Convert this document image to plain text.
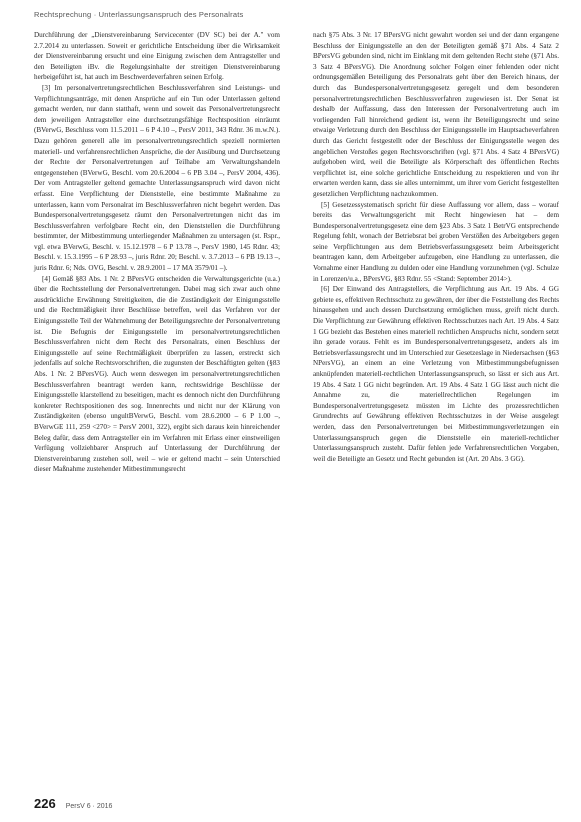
Rechtsprechung · Unterlassungsanspruch des Personalrats

Durchführung der „Dienstvereinbarung Servicecenter (DV SC) bei der A." vom 2.7.2014 zu unterlassen. Soweit er gerichtliche Entscheidung über die Wirksamkeit der Dienstvereinbarung ersucht und eine Einigung zwischen dem Antragsteller und den Beteiligten iBv. die Regelungsinhalte der streitigen Dienstvereinbarung herbeigeführt ist, hat auch im Beschwerdeverfahren seinen Erfolg.

[3] Im personalvertretungsrechtlichen Beschlussverfahren sind Leistungs- und Verpflichtungsanträge, mit denen Ansprüche auf ein Tun oder Unterlassen geltend gemacht werden, nur dann statthaft, wenn und soweit das Personalvertretungsrecht dem jeweiligen Antragsteller eine durchsetzungsfähige Rechtsposition einräumt (BVerwG, Beschluss vom 11.5.2011 – 6 P 4.10 –, PersV 2011, 343 Rdnr. 36 m.w.N.). Dazu gehören generell alle im personalvertretungsrechtlich speziell normierten materiell- und verfahrensrechtlichen Ansprüche, die der Ausübung und Durchsetzung der Rechte der Personalvertretungen auf Teilhabe am Verwaltungshandeln entgegenstehen (BVerwG, Beschl. vom 20.6.2004 – 6 PB 3.04 –, PersV 2004, 436). Der vom Antragsteller geltend gemachte Unterlassungsanspruch wird davon nicht erfasst. Eine Verpflichtung der Dienststelle, eine bestimmte Maßnahme zu unterlassen, kann vom Personalrat im Beschlussverfahren nicht begehrt werden. Das Bundespersonalvertretungsgesetz räumt den Personalvertretungen nicht das im Beschlussverfahren verfolgbare Recht ein, den Dienststellen die Durchführung bestimmter, der Mitbestimmung unterliegender Maßnahmen zu untersagen (st. Rspr., vgl. etwa BVerwG, Beschl. v. 15.12.1978 – 6 P 13.78 –, PersV 1980, 145 Rdnr. 43; Beschl. v. 15.3.1995 – 6 P 28.93 –, juris Rdnr. 20; Beschl. v. 3.7.2013 – 6 PB 19.13 –, juris Rdnr. 6; Nds. OVG, Beschl. v. 28.9.2001 – 17 MA 3579/01 –).

[4] Gemäß §83 Abs. 1 Nr. 2 BPersVG entscheiden die Verwaltungsgerichte (u.a.) über die Rechtsstellung der Personalvertretungen. Dabei mag sich zwar auch ohne ausdrückliche Erwähnung Streitigkeiten, die die Zuständigkeit der Einigungsstelle und die Rechtmäßigkeit ihrer Beschlüsse betreffen, weil das Verfahren vor der Einigungsstelle Teil der Wahrnehmung der Beteiligungsrechte der Personalvertretung ist. Die Befugnis der Einigungsstelle im personalvertretungsrechtlichen Beschlussverfahren nicht dem Recht des Personalrats, einen Beschluss der Einigungsstelle auf seine Rechtmäßigkeit überprüfen zu lassen, erstreckt sich jedenfalls auf solche Rechtsvorschriften, die zugunsten der Beschäftigten gelten (§83 Abs. 1 Nr. 2 BPersVG). Auch wenn deswegen im personalvertretungsrechtlichen Beschlussverfahren beantragt werden kann, rechtswidrige Beschlüsse der Einigungsstelle klarstellend zu beseitigen, macht es dennoch nicht den Durchführung konkreter Rechtspositionen des sog. Innenrechts und nicht nur der Klärung von Zuständigkeiten (ebenso ungultBVerwG, Beschl. vom 28.6.2000 – 6 P 1.00 –, BVerwGE 111, 259 <270> = PersV 2001, 322), ergibt sich daraus kein hinreichender Beleg dafür, dass dem Antragsteller ein im Verfahren mit Erlass einer einstweiligen Verfügung vollziehbarer Anspruch auf Unterlassung der Durchführung der Dienstvereinbarung zustehen soll, weil – wie er geltend macht – sein Unterschied dieser Maßnahme zustehender Mitbestimmungsrecht

nach §75 Abs. 3 Nr. 17 BPersVG nicht gewahrt worden sei und der dann ergangene Beschluss der Einigungsstelle an den der Beteiligten gemäß §71 Abs. 4 Satz 2 BPersVG gebunden sind, nicht im Einklang mit dem geltenden Recht stehe (§71 Abs. 3 Satz 4 BPersVG). Die Anordnung solcher Folgen einer fehlenden oder nicht ordnungsgemäßen Beteiligung des Personalrats geht über den Bereich hinaus, der durch das Bundespersonalvertretungsgesetz geregelt und dem besonderen personalvertretungsrechtlichen Beschlussverfahren zugewiesen ist. Der Senat ist deshalb der Auffassung, dass den Interessen der Personalvertretung auch im vorliegenden Fall hinreichend gedient ist, wenn ihr Beteiligungsrecht und seine etwaige Verletzung durch den Beschluss der Einigungsstelle im Hauptsacheverfahren durch das Gericht festgestellt oder der Beschluss der Einigungsstelle wegen des angeblichen Verstoßes gegen Rechtsvorschriften (vgl. §71 Abs. 4 Satz 4 BPersVG) aufgehoben wird, weil die Beteiligte als Körperschaft des öffentlichen Rechts verpflichtet ist, eine solche gerichtliche Entscheidung zu respektieren und von ihr erwarten werden kann, dass sie alles unternimmt, um ihrer vom Gericht festgestellten gesetzlichen Verpflichtung nachzukommen.

[5] Gesetzessystematisch spricht für diese Auffassung vor allem, dass – worauf bereits das Verwaltungsgericht mit Recht hingewiesen hat – dem Bundespersonalvertretungsgesetz eine dem §23 Abs. 3 Satz 1 BetrVG entsprechende Regelung fehlt, wonach der Betriebsrat bei groben Verstößen des Arbeitgebers gegen seine Verpflichtungen aus dem Betriebsverfassungsgesetz beim Arbeitsgericht beantragen kann, dem Arbeitgeber aufzugeben, eine Handlung zu unterlassen, die Vornahme einer Handlung zu dulden oder eine Handlung vorzunehmen (vgl. Schulze in Lorenzen/u.a., BPersVG, §83 Rdnr. 55 <Stand: September 2014>).

[6] Der Einwand des Antragstellers, die Verpflichtung aus Art. 19 Abs. 4 GG gebiete es, effektiven Rechtsschutz zu gewähren, der über die Feststellung des Rechts hinausgehen und auch dessen Durchsetzung ermöglichen muss, greift nicht durch. Die Verpflichtung zur Gewährung effektiven Rechtsschutzes nach Art. 19 Abs. 4 Satz 1 GG bezieht das Bestehen eines materiell rechtlichen Anspruchs nicht, sondern setzt ihn gerade voraus. Fehlt es im Bundespersonalvertretungsgesetz, anders als im Betriebsverfassungsrecht und im Unterschied zur Gesetzeslage in Niedersachsen (§63 NPersVG), an einem an eine Verletzung von Mitbestimmungsbefugnissen anknüpfenden materiell-rechtlichen Unterlassungsanspruch, so lässt er sich aus Art. 19 Abs. 4 Satz 1 GG nicht begründen. Art. 19 Abs. 4 Satz 1 GG lässt auch nicht die Annahme zu, die materiellrechtlichen Regelungen im Bundespersonalvertretungsgesetz müssten im Lichte des prozessrechtlichen Grundrechts auf Gewährung effektiven Rechtsschutzes in der Weise ausgelegt werden, dass den Personalvertretungen bei Mitbestimmungsverletzungen ein Unterlassungsanspruch gegen die Dienststelle ein materiell-rechtlicher Unterlassungsanspruch zusteht. Dafür fehlen jede Verfahrensrechtlichen Vorgaben, weil die Beteiligte an Gesetz und Recht gebunden ist (Art. 20 Abs. 3 GG).

226 PersV 6 · 2016
